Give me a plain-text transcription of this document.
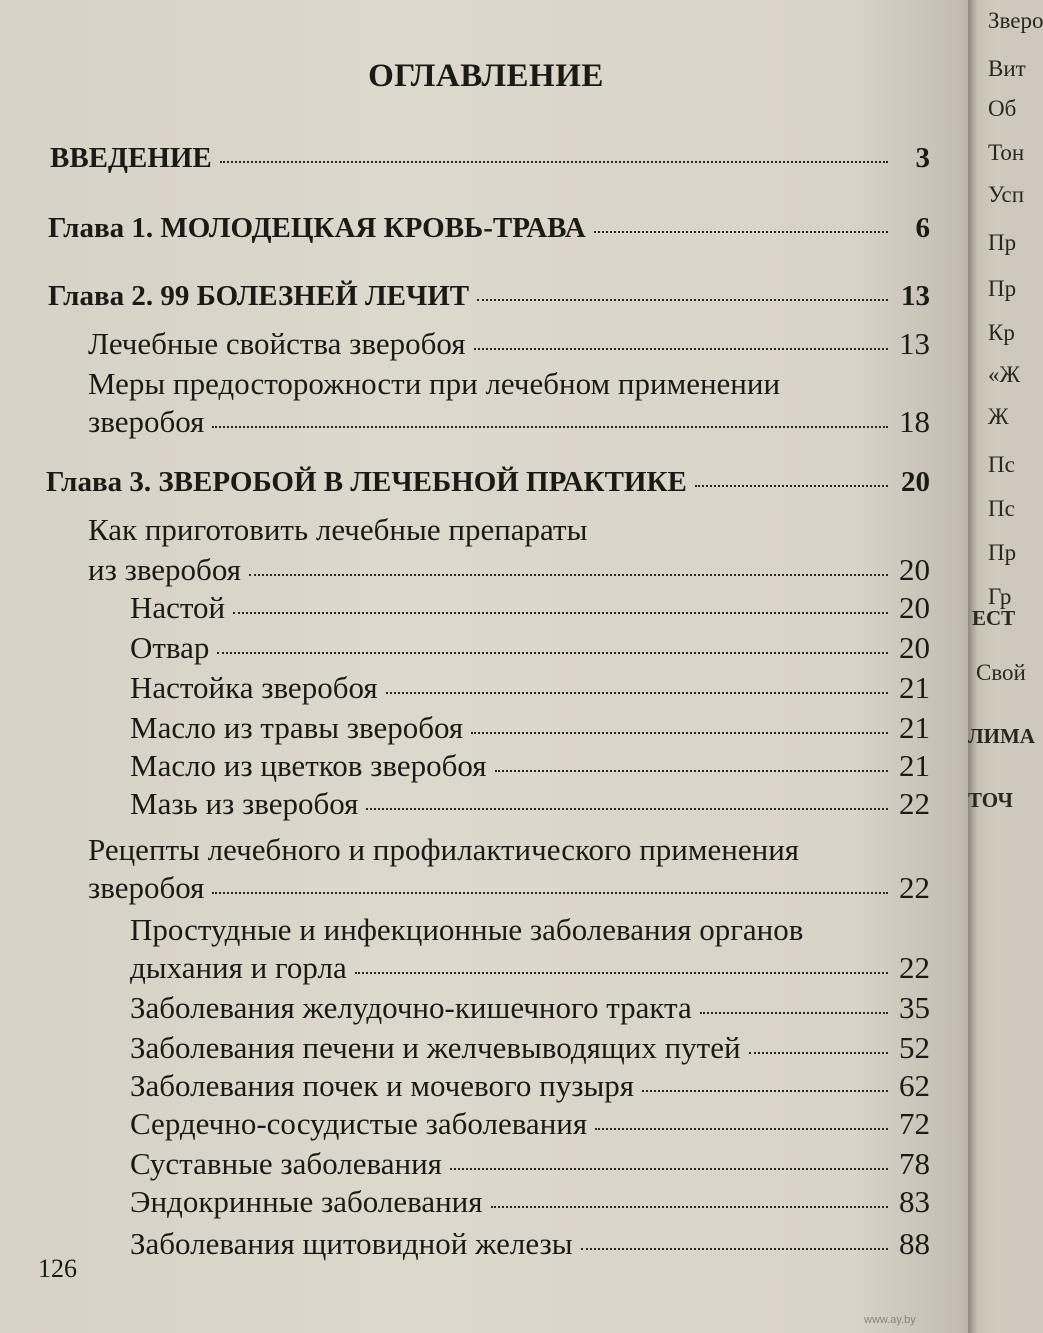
ОГЛАВЛЕНИЕ
ВВЕДЕНИЕ	3
Глава 1. МОЛОДЕЦКАЯ КРОВЬ-ТРАВА	6
Глава 2. 99 БОЛЕЗНЕЙ ЛЕЧИТ	13
Лечебные свойства зверобоя	13
Меры предосторожности при лечебном применении
зверобоя	18
Глава 3. ЗВЕРОБОЙ В ЛЕЧЕБНОЙ ПРАКТИКЕ	20
Как приготовить лечебные препараты
из зверобоя	20
Настой	20
Отвар	20
Настойка зверобоя	21
Масло из травы зверобоя	21
Масло из цветков зверобоя	21
Мазь из зверобоя	22
Рецепты лечебного и профилактического применения
зверобоя	22
Простудные и инфекционные заболевания органов
дыхания и горла	22
Заболевания желудочно-кишечного тракта	35
Заболевания печени и желчевыводящих путей	52
Заболевания почек и мочевого пузыря	62
Сердечно-сосудистые заболевания	72
Суставные заболевания	78
Эндокринные заболевания	83
Заболевания щитовидной железы	88
126
Зверо
Вит
Об
Тон
Усп
Пр
Пр
Кр
«Ж
Ж
Пс
Пс
Пр
Гр
ЕСТ
Свой
ЛИМА
ТОЧ
www.ay.by
